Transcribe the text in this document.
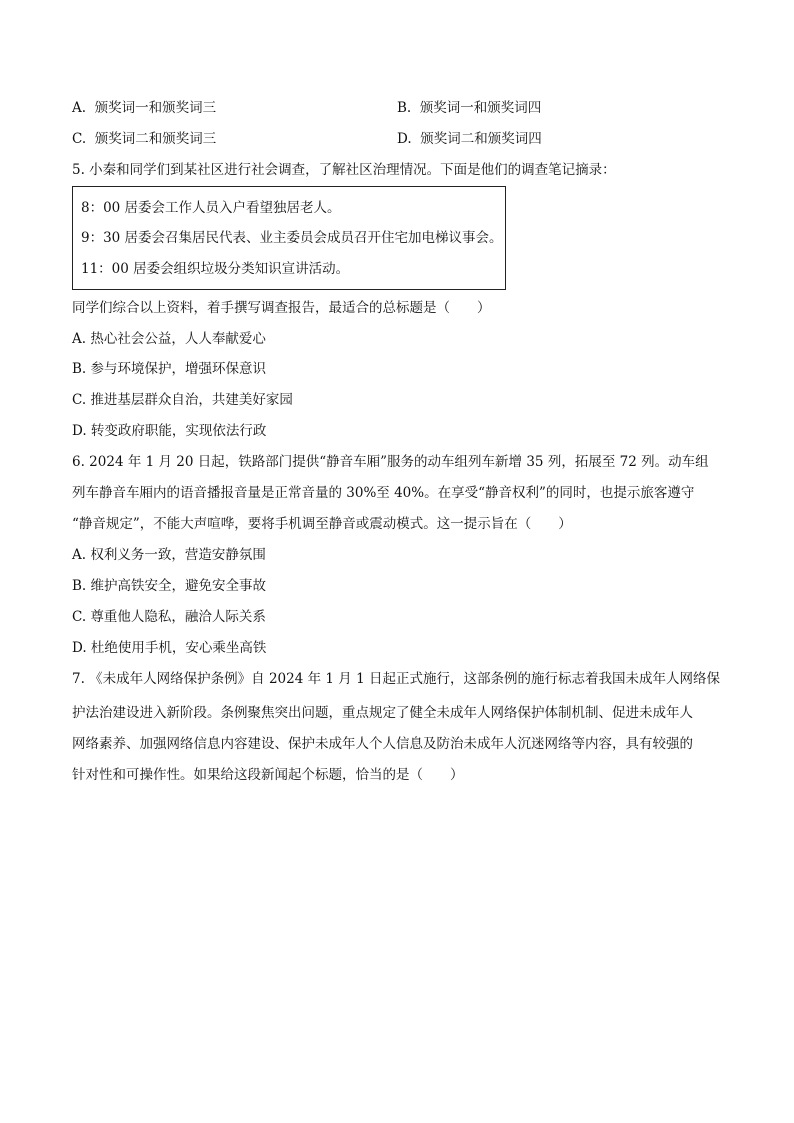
A. 颁奖词一和颁奖词三	B. 颁奖词一和颁奖词四
C. 颁奖词二和颁奖词三	D. 颁奖词二和颁奖词四
5. 小秦和同学们到某社区进行社会调查，了解社区治理情况。下面是他们的调查笔记摘录：
8：00 居委会工作人员入户看望独居老人。
9：30 居委会召集居民代表、业主委员会成员召开住宅加电梯议事会。
11：00 居委会组织垃圾分类知识宣讲活动。
同学们综合以上资料，着手撰写调查报告，最适合的总标题是（　　）
A. 热心社会公益，人人奉献爱心
B. 参与环境保护，增强环保意识
C. 推进基层群众自治，共建美好家园
D. 转变政府职能，实现依法行政
6. 2024 年 1 月 20 日起，铁路部门提供“静音车厢”服务的动车组列车新增 35 列，拓展至 72 列。动车组
列车静音车厢内的语音播报音量是正常音量的 30%至 40%。在享受“静音权利”的同时，也提示旅客遵守
“静音规定”，不能大声喧哗，要将手机调至静音或震动模式。这一提示旨在（　　）
A. 权利义务一致，营造安静氛围
B. 维护高铁安全，避免安全事故
C. 尊重他人隐私，融洽人际关系
D. 杜绝使用手机，安心乘坐高铁
7. 《未成年人网络保护条例》自 2024 年 1 月 1 日起正式施行，这部条例的施行标志着我国未成年人网络保
护法治建设进入新阶段。条例聚焦突出问题，重点规定了健全未成年人网络保护体制机制、促进未成年人
网络素养、加强网络信息内容建设、保护未成年人个人信息及防治未成年人沉迷网络等内容，具有较强的
针对性和可操作性。如果给这段新闻起个标题，恰当的是（　　）
